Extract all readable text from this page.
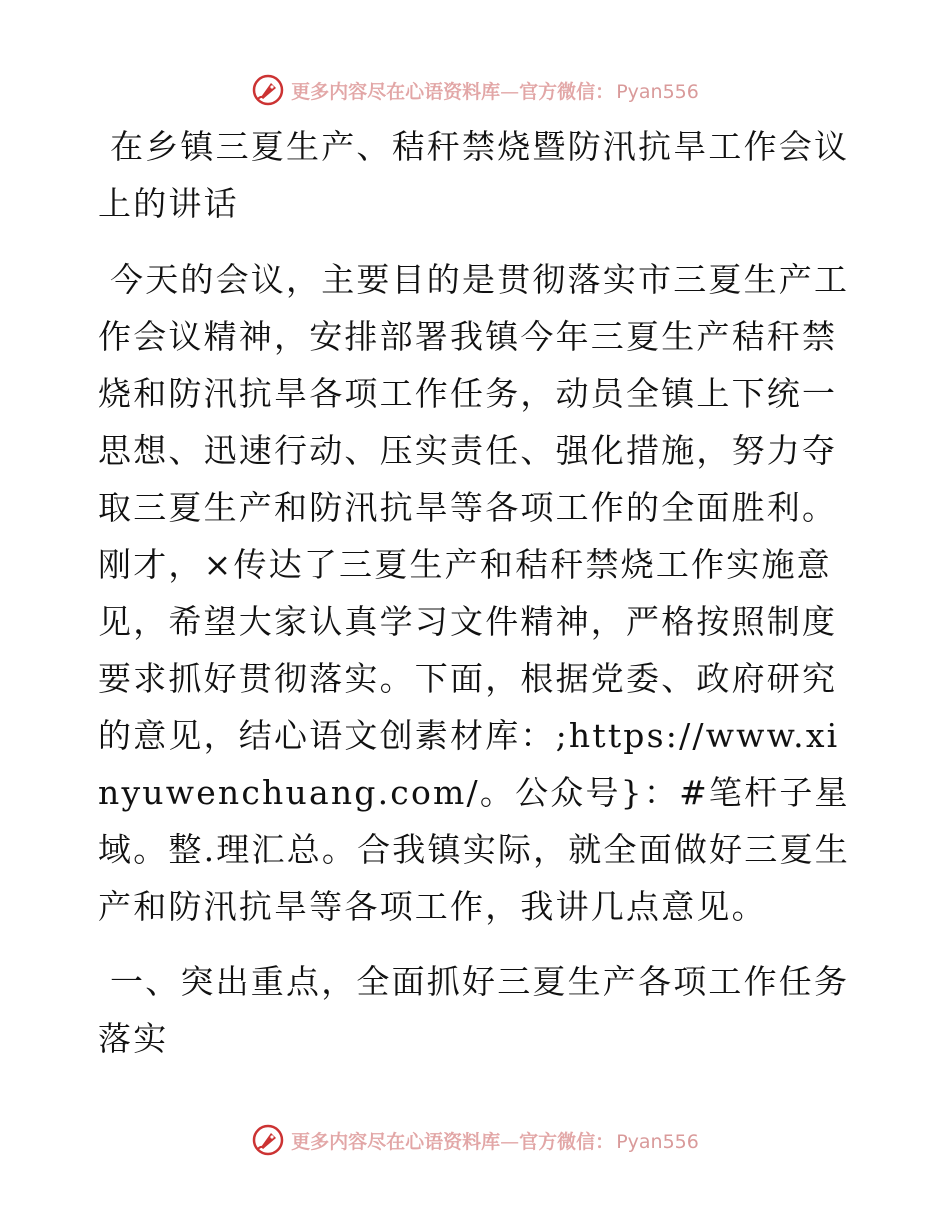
更多内容尽在心语资料库—官方微信： Pyan556

在乡镇三夏生产、秸秆禁烧暨防汛抗旱工作会议上的讲话

今天的会议，主要目的是贯彻落实市三夏生产工作会议精神，安排部署我镇今年三夏生产秸秆禁烧和防汛抗旱各项工作任务，动员全镇上下统一思想、迅速行动、压实责任、强化措施，努力夺取三夏生产和防汛抗旱等各项工作的全面胜利。刚才，×传达了三夏生产和秸秆禁烧工作实施意见，希望大家认真学习文件精神，严格按照制度要求抓好贯彻落实。下面，根据党委、政府研究的意见，结心语文创素材库：;https://www.xinyuwenchuang.com/。公众号}：#笔杆子星域。整.理汇总。合我镇实际，就全面做好三夏生产和防汛抗旱等各项工作，我讲几点意见。

一、突出重点，全面抓好三夏生产各项工作任务落实

更多内容尽在心语资料库—官方微信： Pyan556
